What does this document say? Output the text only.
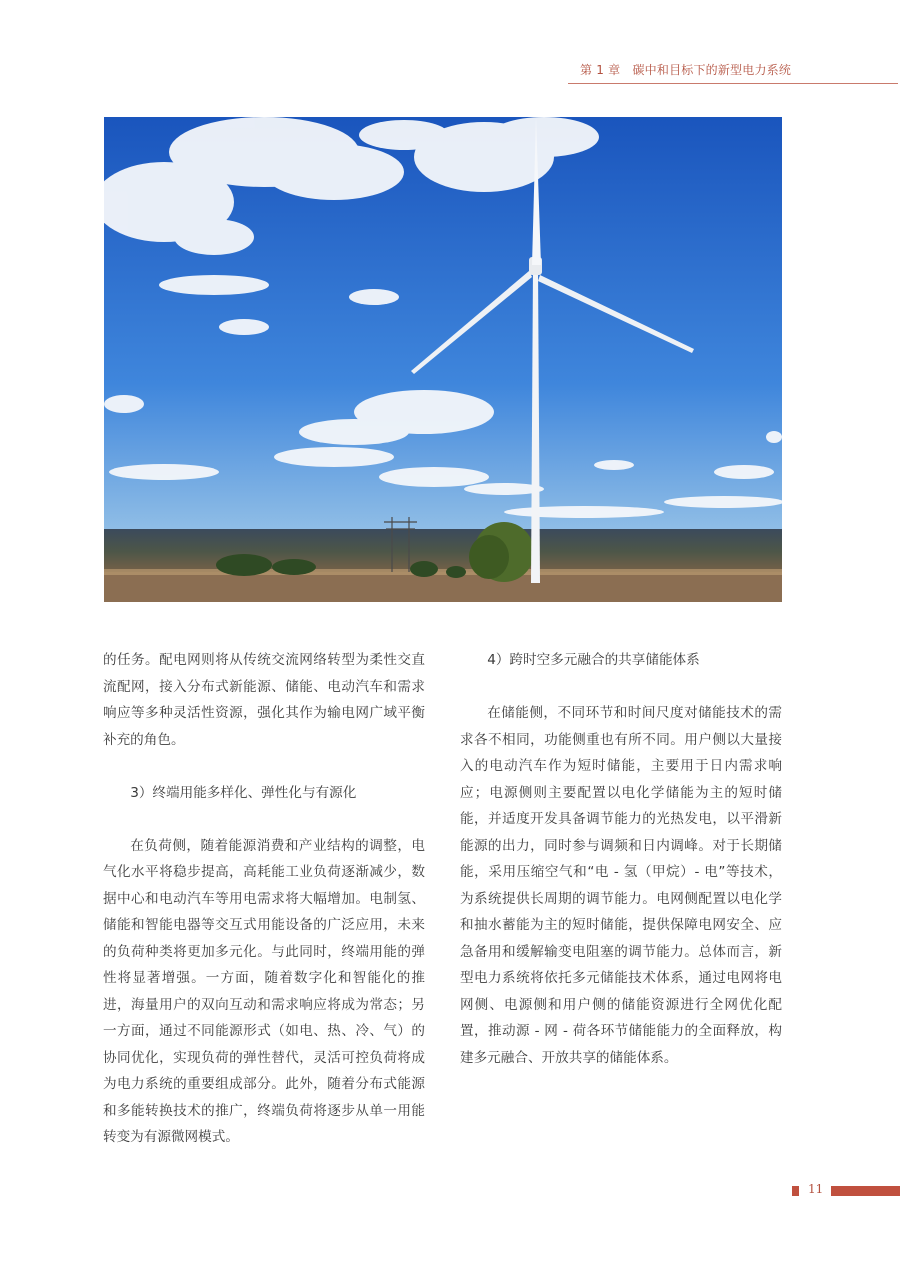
第 1 章　碳中和目标下的新型电力系统

的任务。配电网则将从传统交流网络转型为柔性交直流配网，接入分布式新能源、储能、电动汽车和需求响应等多种灵活性资源，强化其作为输电网广域平衡补充的角色。

3）终端用能多样化、弹性化与有源化

在负荷侧，随着能源消费和产业结构的调整，电气化水平将稳步提高，高耗能工业负荷逐渐减少，数据中心和电动汽车等用电需求将大幅增加。电制氢、储能和智能电器等交互式用能设备的广泛应用，未来的负荷种类将更加多元化。与此同时，终端用能的弹性将显著增强。一方面，随着数字化和智能化的推进，海量用户的双向互动和需求响应将成为常态；另一方面，通过不同能源形式（如电、热、冷、气）的协同优化，实现负荷的弹性替代，灵活可控负荷将成为电力系统的重要组成部分。此外，随着分布式能源和多能转换技术的推广，终端负荷将逐步从单一用能转变为有源微网模式。

4）跨时空多元融合的共享储能体系

在储能侧，不同环节和时间尺度对储能技术的需求各不相同，功能侧重也有所不同。用户侧以大量接入的电动汽车作为短时储能，主要用于日内需求响应；电源侧则主要配置以电化学储能为主的短时储能，并适度开发具备调节能力的光热发电，以平滑新能源的出力，同时参与调频和日内调峰。对于长期储能，采用压缩空气和“电 - 氢（甲烷）- 电”等技术，为系统提供长周期的调节能力。电网侧配置以电化学和抽水蓄能为主的短时储能，提供保障电网安全、应急备用和缓解输变电阻塞的调节能力。总体而言，新型电力系统将依托多元储能技术体系，通过电网将电网侧、电源侧和用户侧的储能资源进行全网优化配置，推动源 - 网 - 荷各环节储能能力的全面释放，构建多元融合、开放共享的储能体系。

11
